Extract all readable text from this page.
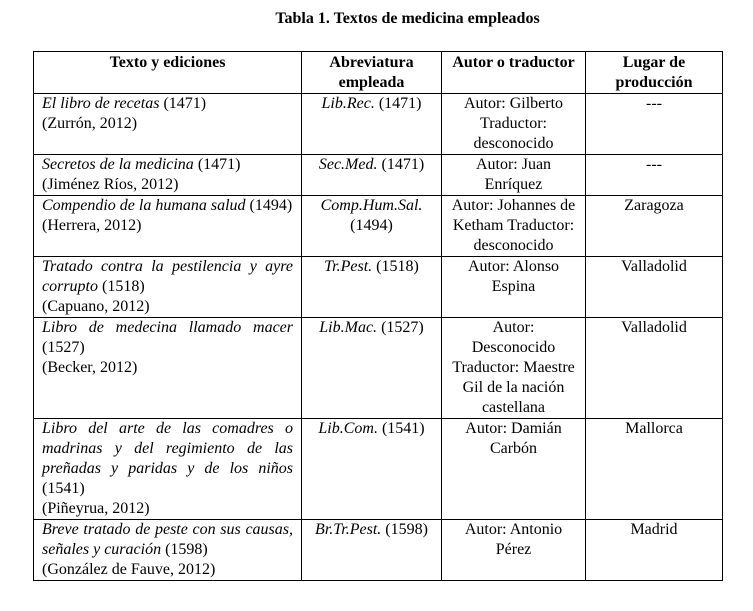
Tabla 1. Textos de medicina empleados
Texto y ediciones	Abreviatura empleada	Autor o traductor	Lugar de producción
El libro de recetas (1471)
(Zurrón, 2012)	Lib.Rec. (1471)	Autor: Gilberto Traductor: desconocido	---
Secretos de la medicina (1471)
(Jiménez Ríos, 2012)	Sec.Med. (1471)	Autor: Juan Enríquez	---
Compendio de la humana salud (1494)
(Herrera, 2012)	Comp.Hum.Sal. (1494)	Autor: Johannes de Ketham Traductor: desconocido	Zaragoza
Tratado contra la pestilencia y ayre corrupto (1518)
(Capuano, 2012)	Tr.Pest. (1518)	Autor: Alonso Espina	Valladolid
Libro de medecina llamado macer (1527)
(Becker, 2012)	Lib.Mac. (1527)	Autor: Desconocido Traductor: Maestre Gil de la nación castellana	Valladolid
Libro del arte de las comadres o madrinas y del regimiento de las preñadas y paridas y de los niños (1541)
(Piñeyrua, 2012)	Lib.Com. (1541)	Autor: Damián Carbón	Mallorca
Breve tratado de peste con sus causas, señales y curación (1598)
(González de Fauve, 2012)	Br.Tr.Pest. (1598)	Autor: Antonio Pérez	Madrid
